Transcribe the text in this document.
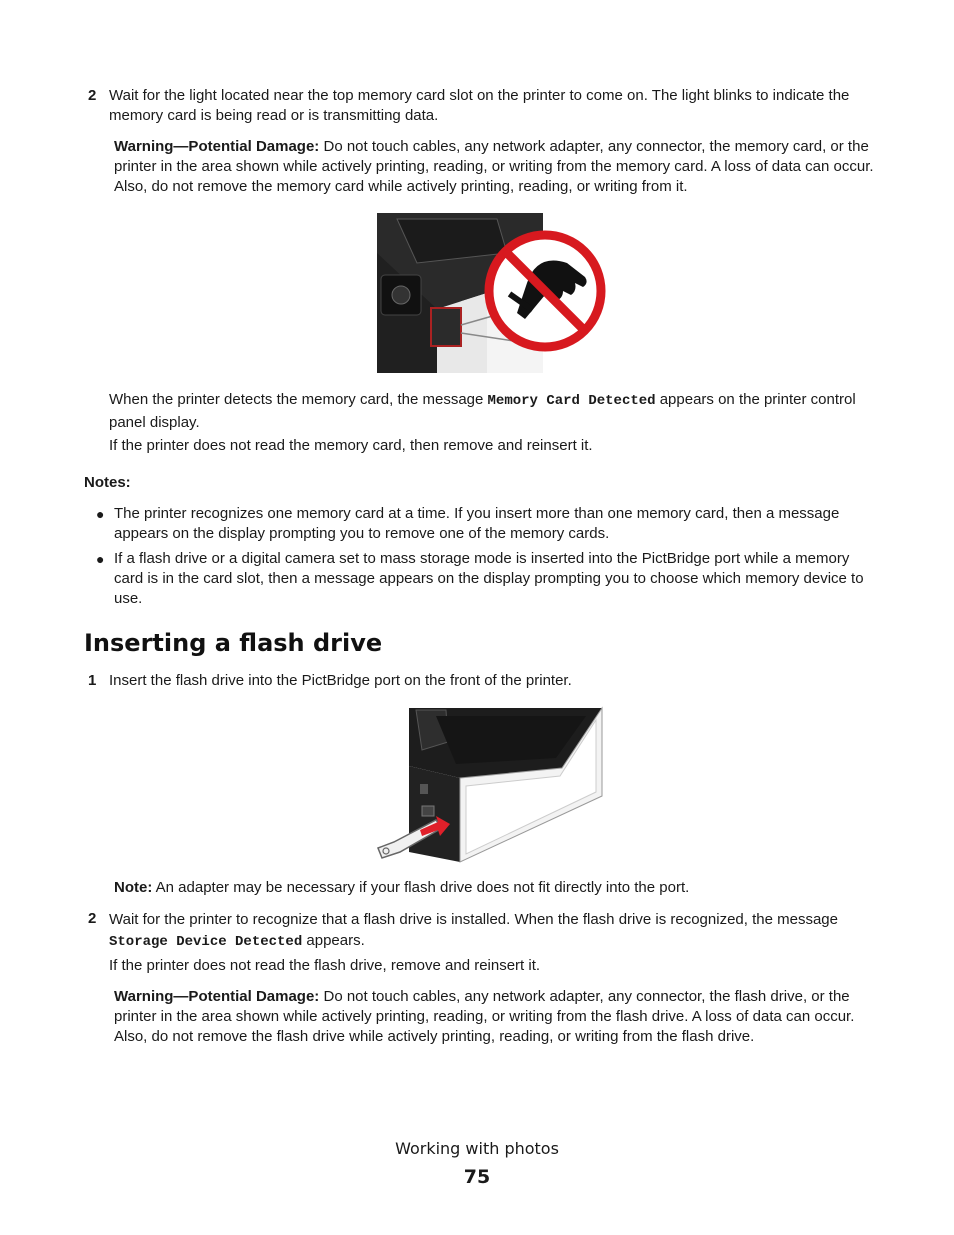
2 Wait for the light located near the top memory card slot on the printer to come on. The light blinks to indicate the memory card is being read or is transmitting data.

Warning—Potential Damage: Do not touch cables, any network adapter, any connector, the memory card, or the printer in the area shown while actively printing, reading, or writing from the memory card. A loss of data can occur. Also, do not remove the memory card while actively printing, reading, or writing from it.

When the printer detects the memory card, the message Memory Card Detected appears on the printer control panel display.

If the printer does not read the memory card, then remove and reinsert it.

Notes:
● The printer recognizes one memory card at a time. If you insert more than one memory card, then a message appears on the display prompting you to remove one of the memory cards.

● If a flash drive or a digital camera set to mass storage mode is inserted into the PictBridge port while a memory card is in the card slot, then a message appears on the display prompting you to choose which memory device to use.

Inserting a flash drive
1 Insert the flash drive into the PictBridge port on the front of the printer.

Note: An adapter may be necessary if your flash drive does not fit directly into the port.

2 Wait for the printer to recognize that a flash drive is installed. When the flash drive is recognized, the message Storage Device Detected appears.

If the printer does not read the flash drive, remove and reinsert it.

Warning—Potential Damage: Do not touch cables, any network adapter, any connector, the flash drive, or the printer in the area shown while actively printing, reading, or writing from the flash drive. A loss of data can occur. Also, do not remove the flash drive while actively printing, reading, or writing from the flash drive.

Working with photos
75
